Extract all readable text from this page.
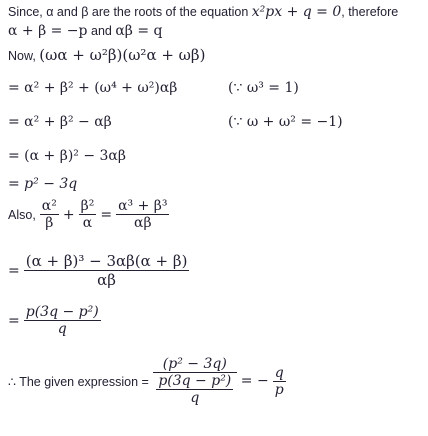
Since, α and β are the roots of the equation x²px + q = 0, therefore
α + β = −p and αβ = q
Now, (ωα + ω²β)(ω²α + ωβ)
= α² + β² + (ω⁴ + ω²)αβ	(∵ ω³ = 1)
= α² + β² − αβ	(∵ ω + ω² = −1)
= (α + β)² − 3αβ
= p² − 3q
Also, $\frac{\text{α²}}{\beta} + \frac{\text{β²}}{\alpha} = \frac{\text{α³ + β³}}{\alpha\beta}$
= $\frac{\text{(α + β)³ − 3αβ(α + β)}}{\alpha\beta}$
= $\frac{\text{p(3q − p²)}}{q}$
∴ The given expression = $\frac{\text{(p² − 3q)}}{\frac{\text{p(3q − p²)}}{q}}$ = − $\frac{q}{p}$
